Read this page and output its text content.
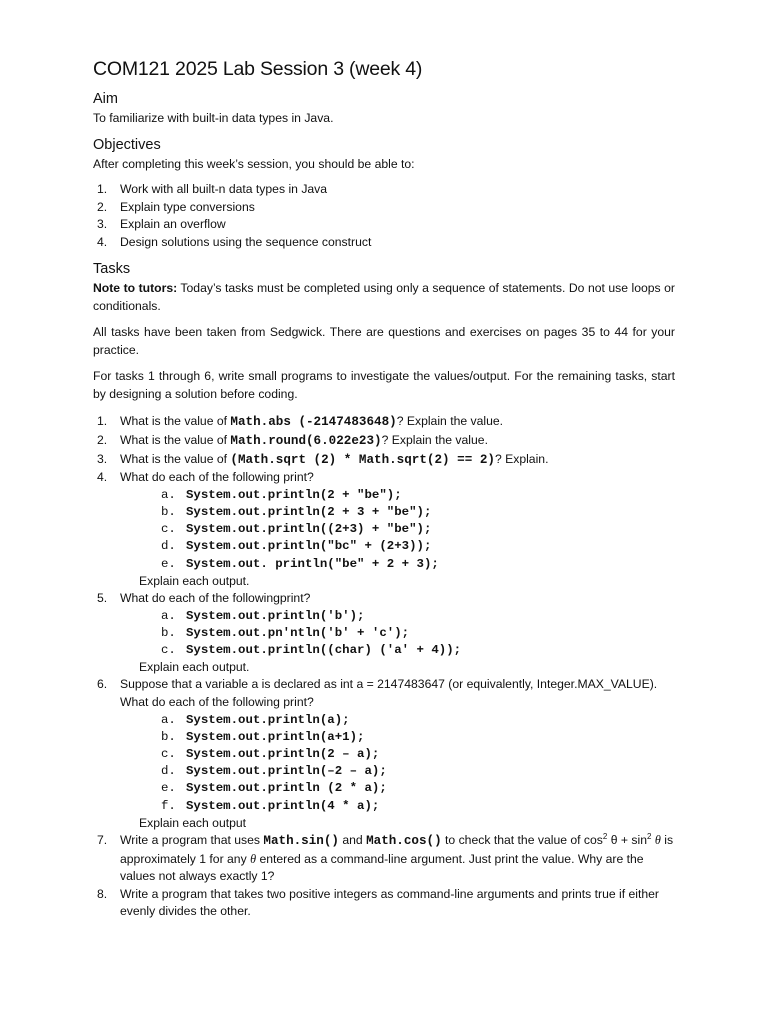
COM121 2025 Lab Session 3 (week 4)
Aim

To familiarize with built-in data types in Java.

Objectives

After completing this week’s session, you should be able to:

1. Work with all built-n data types in Java
2. Explain type conversions
3. Explain an overflow
4. Design solutions using the sequence construct
Tasks

Note to tutors: Today’s tasks must be completed using only a sequence of statements. Do not use loops or conditionals.

All tasks have been taken from Sedgwick. There are questions and exercises on pages 35 to 44 for your practice.

For tasks 1 through 6, write small programs to investigate the values/output. For the remaining tasks, start by designing a solution before coding.

1. What is the value of Math.abs (-2147483648)? Explain the value.
2. What is the value of Math.round(6.022e23)? Explain the value.
3. What is the value of (Math.sqrt (2) * Math.sqrt(2) == 2)? Explain.
4. What do each of the following print?
a. System.out.println(2 + "be");
b. System.out.println(2 + 3 + "be");
c. System.out.println((2+3) + "be");
d. System.out.println("bc" + (2+3));
e. System.out. println("be" + 2 + 3);
Explain each output.
5. What do each of the followingprint?
a. System.out.println('b');
b. System.out.pn'ntln('b' + 'c');
c. System.out.println((char) ('a' + 4));
Explain each output.
6. Suppose that a variable a is declared as int a = 2147483647 (or equivalently, Integer.MAX_VALUE). What do each of the following print?
a. System.out.println(a);
b. System.out.println(a+1);
c. System.out.println(2 – a);
d. System.out.println(–2 – a);
e. System.out.println (2 * a);
f. System.out.println(4 * a);
Explain each output
7. Write a program that uses Math.sin() and Math.cos() to check that the value of $\cos^2 \theta + \sin^2 \theta$ is approximately 1 for any θ entered as a command-line argument. Just print the value. Why are the values not always exactly 1?
8. Write a program that takes two positive integers as command-line arguments and prints true if either evenly divides the other.
